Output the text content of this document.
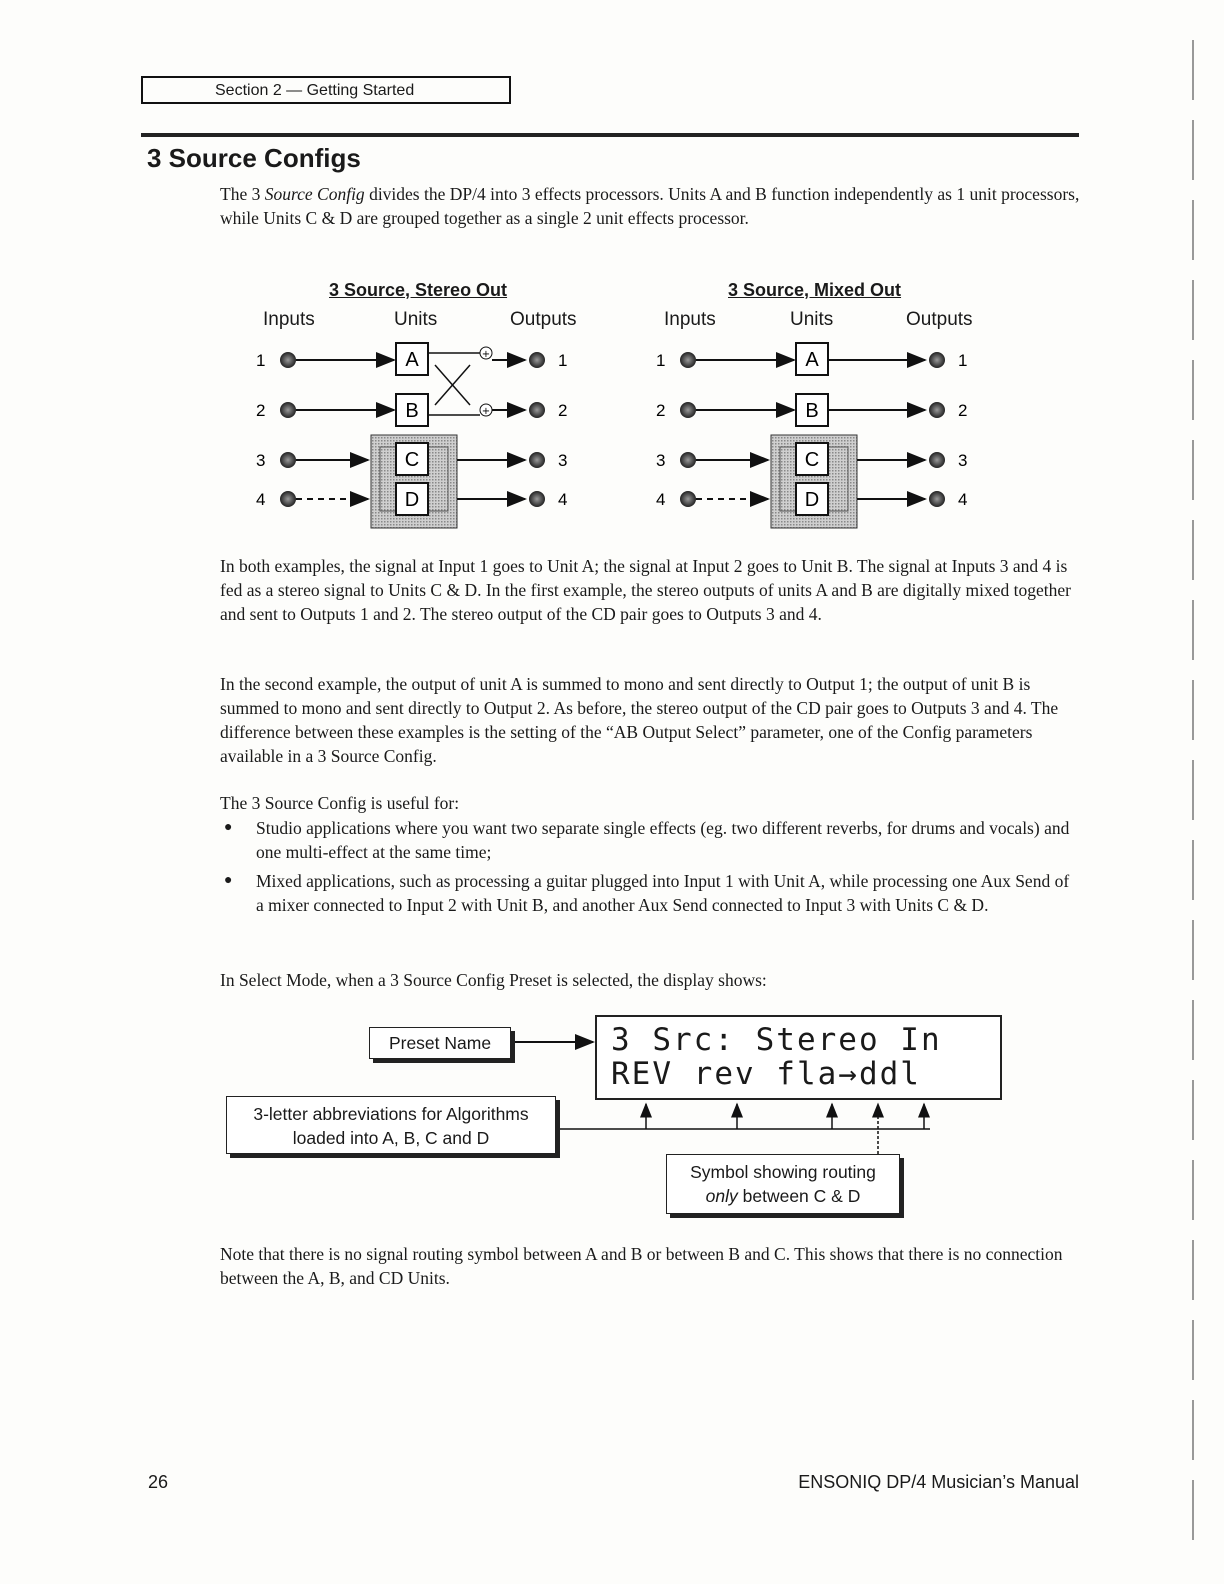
Section 2 — Getting Started
3 Source Configs

The 3 Source Config divides the DP/4 into 3 effects processors. Units A and B function independently as 1 unit processors, while Units C & D are grouped together as a single 2 unit effects processor.

3 Source, Stereo Out
Inputs	Units	Outputs
1
2
3
4
A
B
C
D
+
+
1
2
3
4
3 Source, Mixed Out
Inputs	Units	Outputs
1
2
3
4
A
B
C
D
1
2
3
4

In both examples, the signal at Input 1 goes to Unit A; the signal at Input 2 goes to Unit B. The signal at Inputs 3 and 4 is fed as a stereo signal to Units C & D. In the first example, the stereo outputs of units A and B are digitally mixed together and sent to Outputs 1 and 2. The stereo output of the CD pair goes to Outputs 3 and 4.

In the second example, the output of unit A is summed to mono and sent directly to Output 1; the output of unit B is summed to mono and sent directly to Output 2. As before, the stereo output of the CD pair goes to Outputs 3 and 4. The difference between these examples is the setting of the “AB Output Select” parameter, one of the Config parameters available in a 3 Source Config.

The 3 Source Config is useful for:

● Studio applications where you want two separate single effects (eg. two different reverbs, for drums and vocals) and one multi-effect at the same time;

● Mixed applications, such as processing a guitar plugged into Input 1 with Unit A, while processing one Aux Send of a mixer connected to Input 2 with Unit B, and another Aux Send connected to Input 3 with Units C & D.

In Select Mode, when a 3 Source Config Preset is selected, the display shows:

3 Src: Stereo In
REV rev fla→ddl
Preset Name
3-letter abbreviations for Algorithms
loaded into A, B, C and D
Symbol showing routing
only between C & D

Note that there is no signal routing symbol between A and B or between B and C. This shows that there is no connection between the A, B, and CD Units.

26	ENSONIQ DP/4 Musician’s Manual
